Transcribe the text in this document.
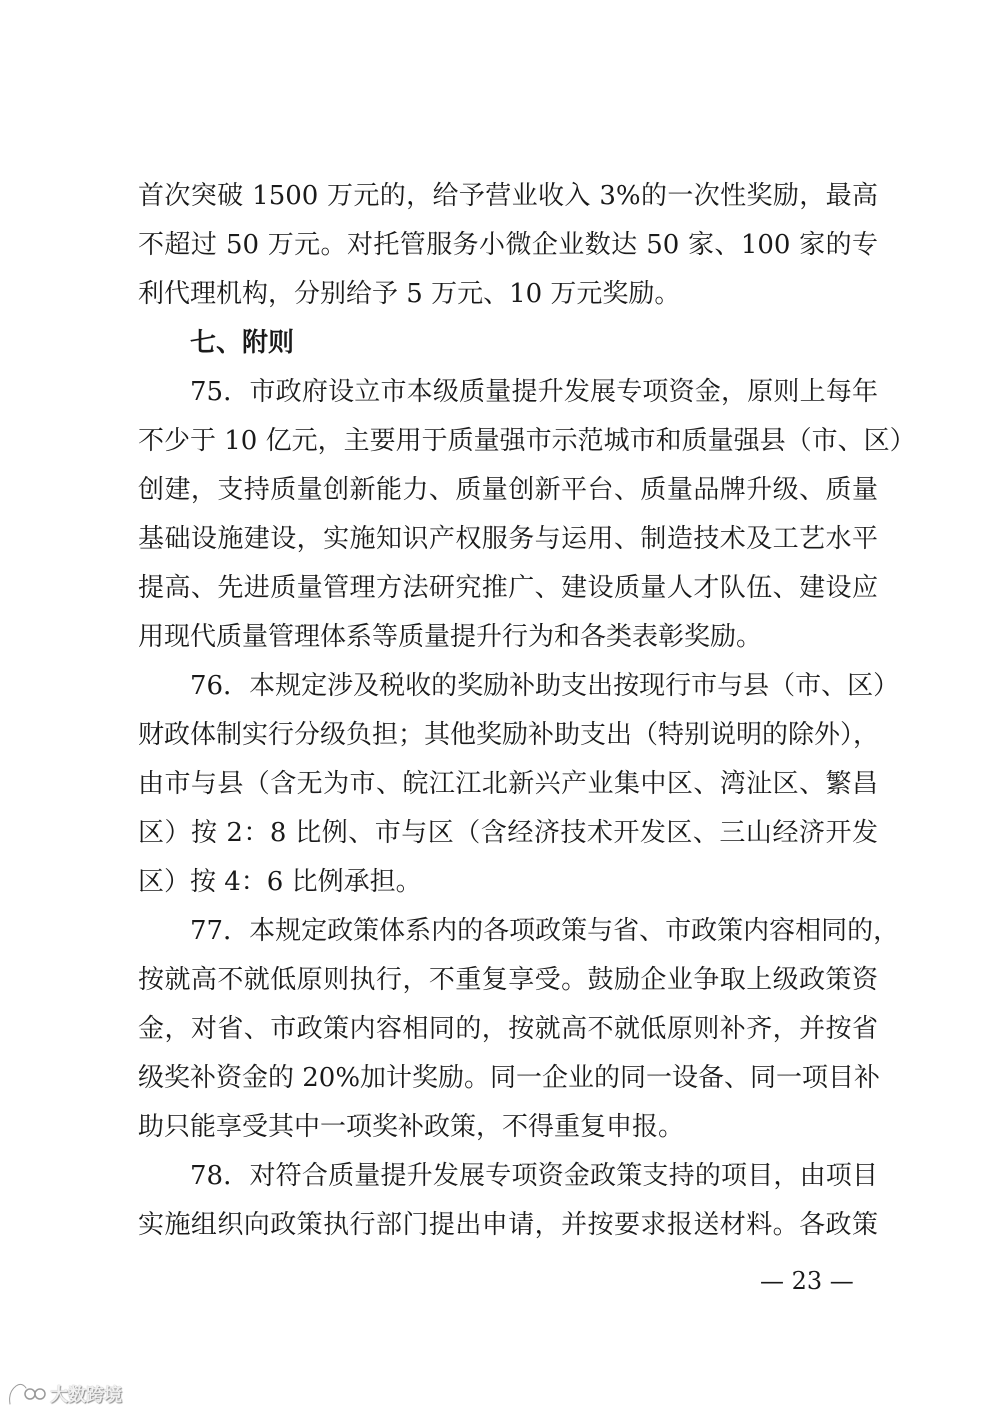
首次突破 1500 万元的，给予营业收入 3%的一次性奖励，最高
不超过 50 万元。对托管服务小微企业数达 50 家、100 家的专
利代理机构，分别给予 5 万元、10 万元奖励。
七、附则
75．市政府设立市本级质量提升发展专项资金，原则上每年
不少于 10 亿元，主要用于质量强市示范城市和质量强县（市、区）
创建，支持质量创新能力、质量创新平台、质量品牌升级、质量
基础设施建设，实施知识产权服务与运用、制造技术及工艺水平
提高、先进质量管理方法研究推广、建设质量人才队伍、建设应
用现代质量管理体系等质量提升行为和各类表彰奖励。
76．本规定涉及税收的奖励补助支出按现行市与县（市、区）
财政体制实行分级负担；其他奖励补助支出（特别说明的除外），
由市与县（含无为市、皖江江北新兴产业集中区、湾沚区、繁昌
区）按 2：8 比例、市与区（含经济技术开发区、三山经济开发
区）按 4：6 比例承担。
77．本规定政策体系内的各项政策与省、市政策内容相同的，
按就高不就低原则执行，不重复享受。鼓励企业争取上级政策资
金，对省、市政策内容相同的，按就高不就低原则补齐，并按省
级奖补资金的 20%加计奖励。同一企业的同一设备、同一项目补
助只能享受其中一项奖补政策，不得重复申报。
78．对符合质量提升发展专项资金政策支持的项目，由项目
实施组织向政策执行部门提出申请，并按要求报送材料。各政策
— 23 —
大数跨境
